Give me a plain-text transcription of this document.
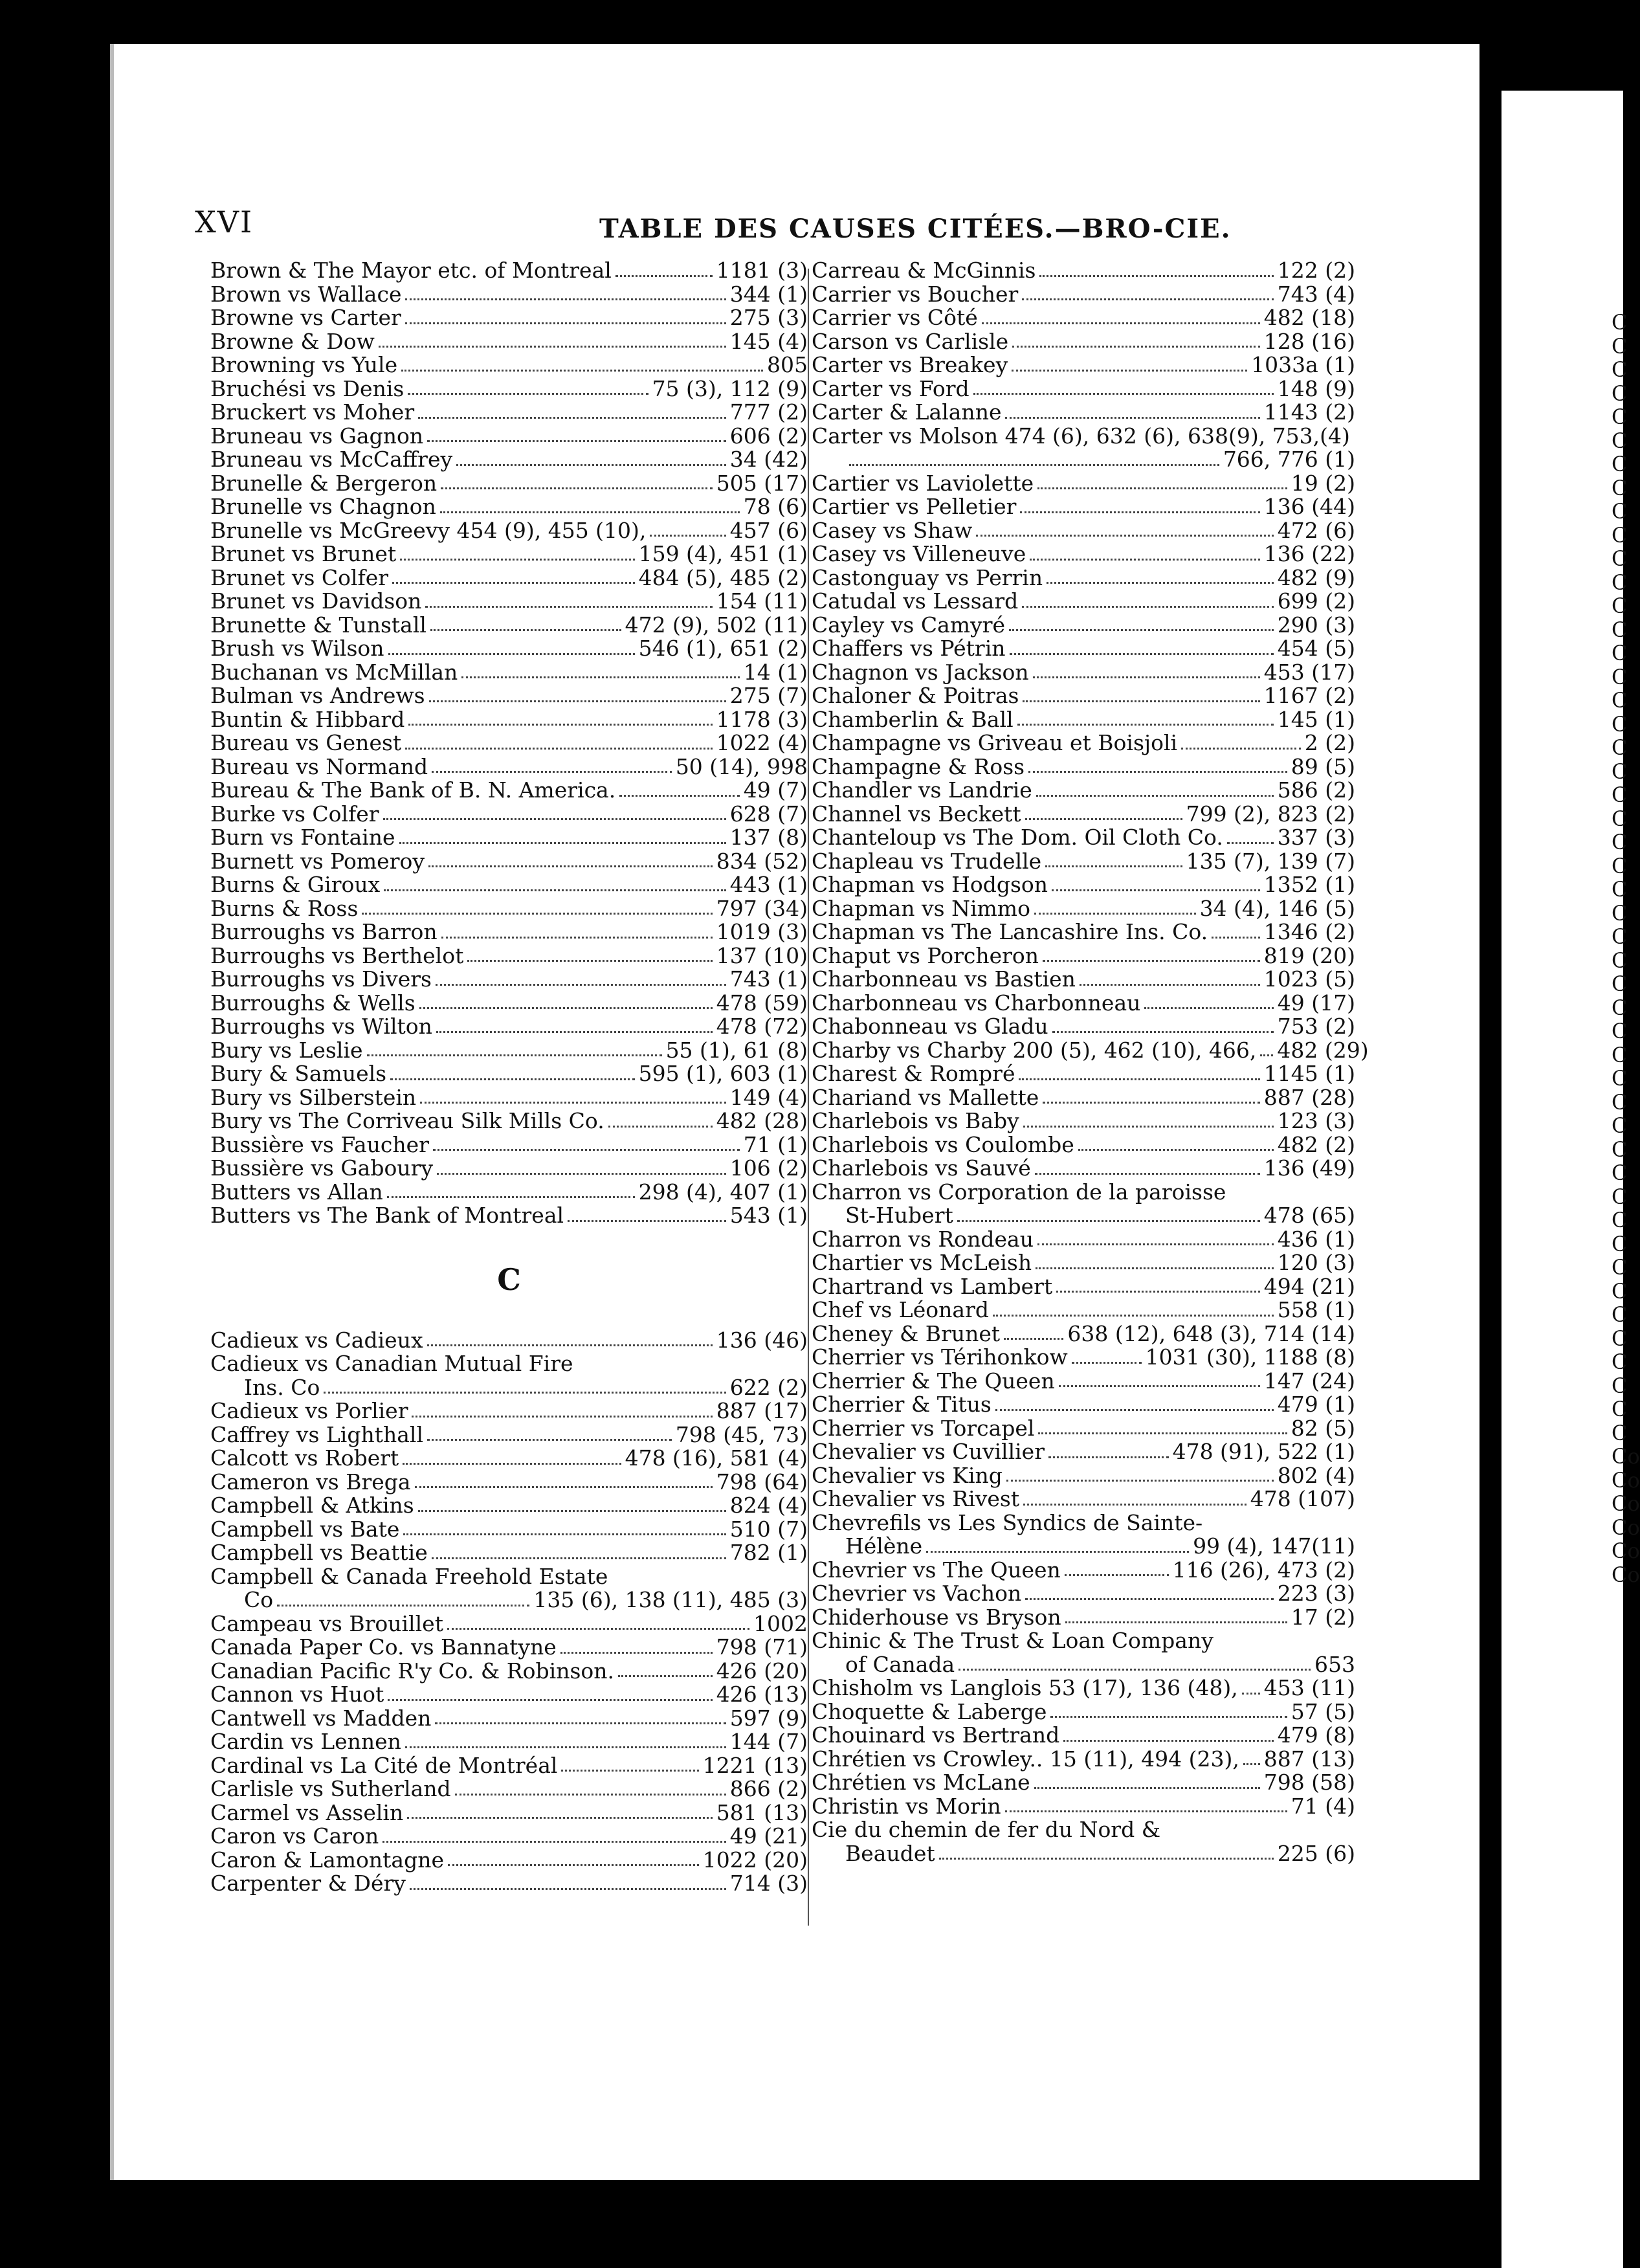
XVI	TABLE DES CAUSES CITÉES.—BRO-CIE.
Brown & The Mayor etc. of Montreal	1181 (3)
Brown vs Wallace	344 (1)
Browne vs Carter	275 (3)
Browne & Dow	145 (4)
Browning vs Yule	805
Bruchési vs Denis	75 (3), 112 (9)
Bruckert vs Moher	777 (2)
Bruneau vs Gagnon	606 (2)
Bruneau vs McCaffrey	34 (42)
Brunelle & Bergeron	505 (17)
Brunelle vs Chagnon	78 (6)
Brunelle vs McGreevy 454 (9), 455 (10),	457 (6)
Brunet vs Brunet	159 (4), 451 (1)
Brunet vs Colfer	484 (5), 485 (2)
Brunet vs Davidson	154 (11)
Brunette & Tunstall	472 (9), 502 (11)
Brush vs Wilson	546 (1), 651 (2)
Buchanan vs McMillan	14 (1)
Bulman vs Andrews	275 (7)
Buntin & Hibbard	1178 (3)
Bureau vs Genest	1022 (4)
Bureau vs Normand	50 (14), 998
Bureau & The Bank of B. N. America.	49 (7)
Burke vs Colfer	628 (7)
Burn vs Fontaine	137 (8)
Burnett vs Pomeroy	834 (52)
Burns & Giroux	443 (1)
Burns & Ross	797 (34)
Burroughs vs Barron	1019 (3)
Burroughs vs Berthelot	137 (10)
Burroughs vs Divers	743 (1)
Burroughs & Wells	478 (59)
Burroughs vs Wilton	478 (72)
Bury vs Leslie	55 (1), 61 (8)
Bury & Samuels	595 (1), 603 (1)
Bury vs Silberstein	149 (4)
Bury vs The Corriveau Silk Mills Co.	482 (28)
Bussière vs Faucher	71 (1)
Bussière vs Gaboury	106 (2)
Butters vs Allan	298 (4), 407 (1)
Butters vs The Bank of Montreal	543 (1)
C
Cadieux vs Cadieux	136 (46)
Cadieux vs Canadian Mutual Fire
Ins. Co	622 (2)
Cadieux vs Porlier	887 (17)
Caffrey vs Lighthall	798 (45, 73)
Calcott vs Robert	478 (16), 581 (4)
Cameron vs Brega	798 (64)
Campbell & Atkins	824 (4)
Campbell vs Bate	510 (7)
Campbell vs Beattie	782 (1)
Campbell & Canada Freehold Estate
Co	135 (6), 138 (11), 485 (3)
Campeau vs Brouillet	1002
Canada Paper Co. vs Bannatyne	798 (71)
Canadian Pacific R'y Co. & Robinson.	426 (20)
Cannon vs Huot	426 (13)
Cantwell vs Madden	597 (9)
Cardin vs Lennen	144 (7)
Cardinal vs La Cité de Montréal	1221 (13)
Carlisle vs Sutherland	866 (2)
Carmel vs Asselin	581 (13)
Caron vs Caron	49 (21)
Caron & Lamontagne	1022 (20)
Carpenter & Déry	714 (3)
Carreau & McGinnis	122 (2)
Carrier vs Boucher	743 (4)
Carrier vs Côté	482 (18)
Carson vs Carlisle	128 (16)
Carter vs Breakey	1033a (1)
Carter vs Ford	148 (9)
Carter & Lalanne	1143 (2)
Carter vs Molson 474 (6), 632 (6), 638(9), 753,(4)
766, 776 (1)
Cartier vs Laviolette	19 (2)
Cartier vs Pelletier	136 (44)
Casey vs Shaw	472 (6)
Casey vs Villeneuve	136 (22)
Castonguay vs Perrin	482 (9)
Catudal vs Lessard	699 (2)
Cayley vs Camyré	290 (3)
Chaffers vs Pétrin	454 (5)
Chagnon vs Jackson	453 (17)
Chaloner & Poitras	1167 (2)
Chamberlin & Ball	145 (1)
Champagne vs Griveau et Boisjoli	2 (2)
Champagne & Ross	89 (5)
Chandler vs Landrie	586 (2)
Channel vs Beckett	799 (2), 823 (2)
Chanteloup vs The Dom. Oil Cloth Co.	337 (3)
Chapleau vs Trudelle	135 (7), 139 (7)
Chapman vs Hodgson	1352 (1)
Chapman vs Nimmo	34 (4), 146 (5)
Chapman vs The Lancashire Ins. Co.	1346 (2)
Chaput vs Porcheron	819 (20)
Charbonneau vs Bastien	1023 (5)
Charbonneau vs Charbonneau	49 (17)
Chabonneau vs Gladu	753 (2)
Charby vs Charby 200 (5), 462 (10), 466, 482 (29)
Charest & Rompré	1145 (1)
Chariand vs Mallette	887 (28)
Charlebois vs Baby	123 (3)
Charlebois vs Coulombe	482 (2)
Charlebois vs Sauvé	136 (49)
Charron vs Corporation de la paroisse
St-Hubert	478 (65)
Charron vs Rondeau	436 (1)
Chartier vs McLeish	120 (3)
Chartrand vs Lambert	494 (21)
Chef vs Léonard	558 (1)
Cheney & Brunet	638 (12), 648 (3), 714 (14)
Cherrier vs Térihonkow	1031 (30), 1188 (8)
Cherrier & The Queen	147 (24)
Cherrier & Titus	479 (1)
Cherrier vs Torcapel	82 (5)
Chevalier vs Cuvillier	478 (91), 522 (1)
Chevalier vs King	802 (4)
Chevalier vs Rivest	478 (107)
Chevrefils vs Les Syndics de Sainte-
Hélène	99 (4), 147(11)
Chevrier vs The Queen	116 (26), 473 (2)
Chevrier vs Vachon	223 (3)
Chiderhouse vs Bryson	17 (2)
Chinic & The Trust & Loan Company
of Canada	653
Chisholm vs Langlois 53 (17), 136 (48), 453 (11)
Choquette & Laberge	57 (5)
Chouinard vs Bertrand	479 (8)
Chrétien vs Crowley.. 15 (11), 494 (23), 887 (13)
Chrétien vs McLane	798 (58)
Christin vs Morin	71 (4)
Cie du chemin de fer du Nord &
Beaudet	225 (6)
C
C
C
C
C
C
C
C
C
C
C
C
C
C
C
C
C
C
C
C
C
C
C
C
C
C
C
C
C
C
C
C
C
C
C
C
C
C
C
C
C
C
C
C
C
C
C
C
Co
Co
Co
Co
Co
Co
